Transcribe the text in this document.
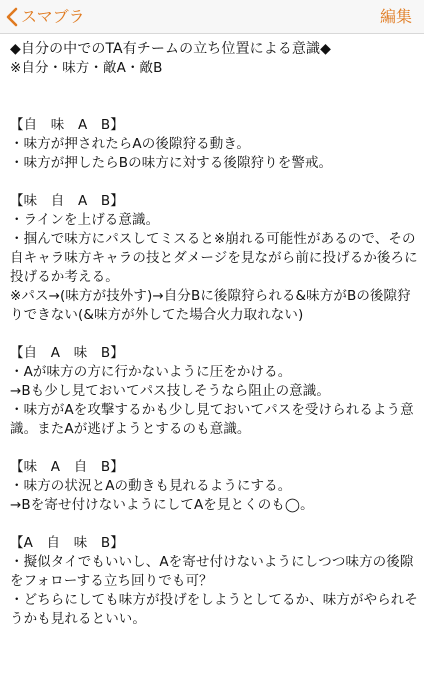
スマブラ	編集
◆自分の中でのTA有チームの立ち位置による意識◆
※自分・味方・敵A・敵B

【自　味　A　B】
・味方が押されたらAの後隙狩る動き。
・味方が押したらBの味方に対する後隙狩りを警戒。

【味　自　A　B】
・ラインを上げる意識。
・掴んで味方にパスしてミスると※崩れる可能性があるので、その自キャラ味方キャラの技とダメージを見ながら前に投げるか後ろに投げるか考える。
※パス→(味方が技外す)→自分Bに後隙狩られる&味方がBの後隙狩りできない(&味方が外してた場合火力取れない)

【自　A　味　B】
・Aが味方の方に行かないように圧をかける。
→Bも少し見ておいてパス技しそうなら阻止の意識。
・味方がAを攻撃するかも少し見ておいてパスを受けられるよう意識。またAが逃げようとするのも意識。

【味　A　自　B】
・味方の状況とAの動きも見れるようにする。
→Bを寄せ付けないようにしてAを見とくのも◯。

【A　自　味　B】
・擬似タイでもいいし、Aを寄せ付けないようにしつつ味方の後隙をフォローする立ち回りでも可？
・どちらにしても味方が投げをしようとしてるか、味方がやられそうかも見れるといい。
